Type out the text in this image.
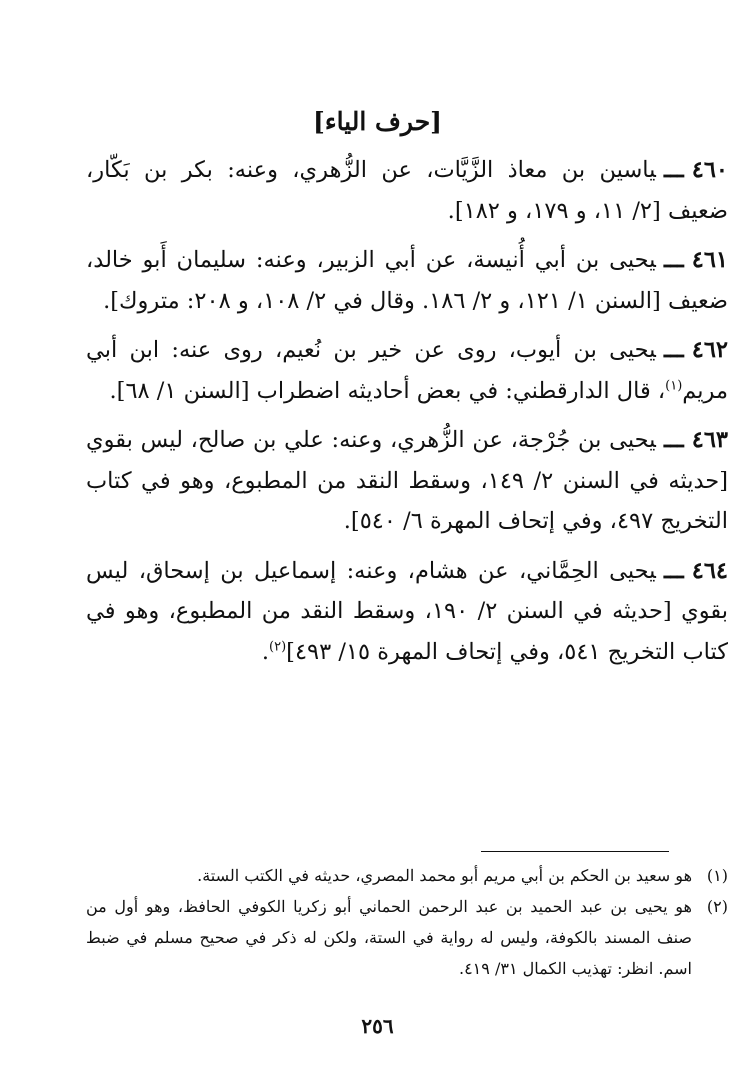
[حرف الياء]

٤٦٠ـــياسين بن معاذ الزَّيَّات، عن الزُّهري، وعنه: بكر بن بَكّار، ضعيف [٢/ ١١، و ١٧٩، و ١٨٢].

٤٦١ـــيحيى بن أبي أُنيسة، عن أبي الزبير، وعنه: سليمان أَبو خالد، ضعيف [السنن ١/ ١٢١، و ٢/ ١٨٦. وقال في ٢/ ١٠٨، و ٢٠٨: متروك].

٤٦٢ـــيحيى بن أيوب، روى عن خير بن نُعيم، روى عنه: ابن أبي مريم$^{(١)}$، قال الدارقطني: في بعض أحاديثه اضطراب [السنن ١/ ٦٨].

٤٦٣ـــيحيى بن جُرْجة، عن الزُّهري، وعنه: علي بن صالح، ليس بقوي [حديثه في السنن ٢/ ١٤٩، وسقط النقد من المطبوع، وهو في كتاب التخريج ٤٩٧، وفي إتحاف المهرة ٦/ ٥٤٠].

٤٦٤ـــيحيى الحِمَّاني، عن هشام، وعنه: إسماعيل بن إسحاق، ليس بقوي [حديثه في السنن ٢/ ١٩٠، وسقط النقد من المطبوع، وهو في كتاب التخريج ٥٤١، وفي إتحاف المهرة ١٥/ ٤٩٣]$^{(٢)}$.

(١)
هو سعيد بن الحكم بن أبي مريم أبو محمد المصري، حديثه في الكتب الستة.
(٢)
هو يحيى بن عبد الحميد بن عبد الرحمن الحماني أبو زكريا الكوفي الحافظ، وهو أول من صنف المسند بالكوفة، وليس له رواية في الستة، ولكن له ذكر في صحيح مسلم في ضبط اسم. انظر: تهذيب الكمال ٣١/ ٤١٩.
٢٥٦
